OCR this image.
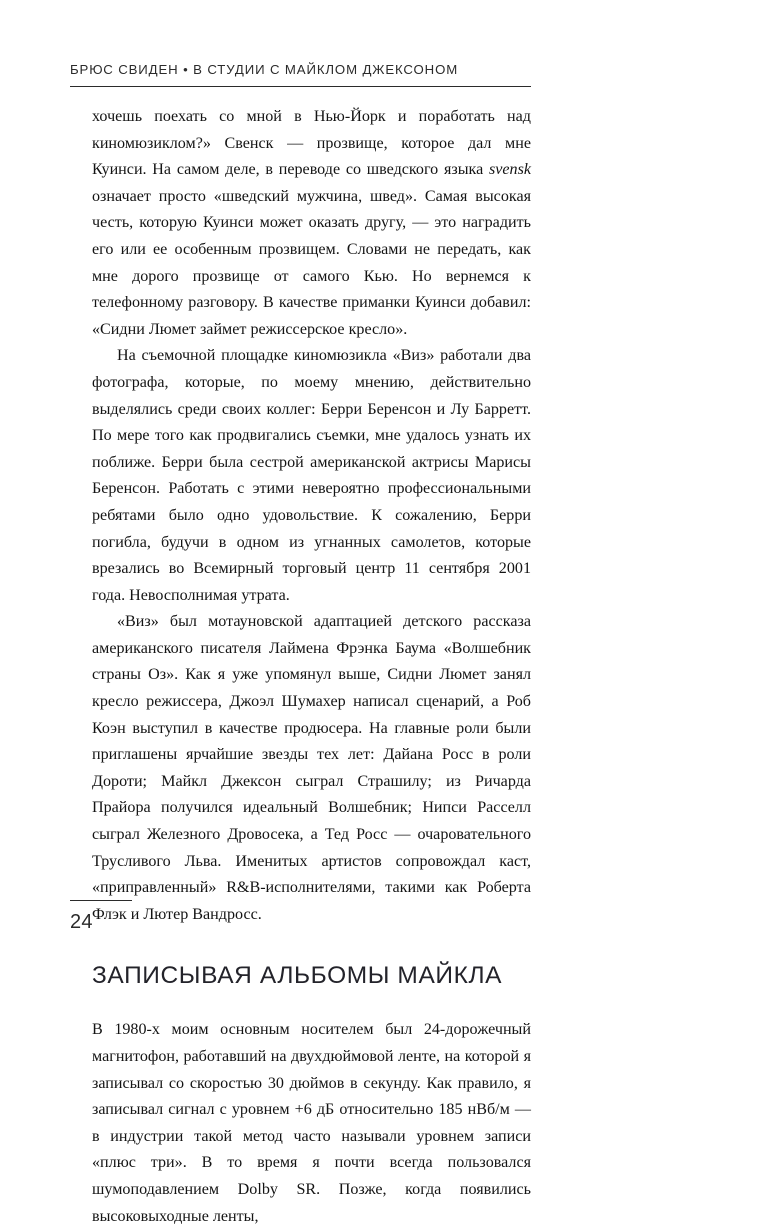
БРЮС СВИДЕН • В СТУДИИ С МАЙКЛОМ ДЖЕКСОНОМ

хочешь поехать со мной в Нью-Йорк и поработать над киномюзиклом?» Свенск — прозвище, которое дал мне Куинси. На самом деле, в переводе со шведского языка svensk означает просто «шведский мужчина, швед». Самая высокая честь, которую Куинси может оказать другу, — это наградить его или ее особенным прозвищем. Словами не передать, как мне дорого прозвище от самого Кью. Но вернемся к телефонному разговору. В качестве приманки Куинси добавил: «Сидни Люмет займет режиссерское кресло».

На съемочной площадке киномюзикла «Виз» работали два фотографа, которые, по моему мнению, действительно выделялись среди своих коллег: Берри Беренсон и Лу Барретт. По мере того как продвигались съемки, мне удалось узнать их поближе. Берри была сестрой американской актрисы Марисы Беренсон. Работать с этими невероятно профессиональными ребятами было одно удовольствие. К сожалению, Берри погибла, будучи в одном из угнанных самолетов, которые врезались во Всемирный торговый центр 11 сентября 2001 года. Невосполнимая утрата.

«Виз» был мотауновской адаптацией детского рассказа американского писателя Лаймена Фрэнка Баума «Волшебник страны Оз». Как я уже упомянул выше, Сидни Люмет занял кресло режиссера, Джоэл Шумахер написал сценарий, а Роб Коэн выступил в качестве продюсера. На главные роли были приглашены ярчайшие звезды тех лет: Дайана Росс в роли Дороти; Майкл Джексон сыграл Страшилу; из Ричарда Прайора получился идеальный Волшебник; Нипси Расселл сыграл Железного Дровосека, а Тед Росс — очаровательного Трусливого Льва. Именитых артистов сопровождал каст, «приправленный» R&B-исполнителями, такими как Роберта Флэк и Лютер Вандросс.

ЗАПИСЫВАЯ АЛЬБОМЫ МАЙКЛА

В 1980-х моим основным носителем был 24-дорожечный магнитофон, работавший на двухдюймовой ленте, на которой я записывал со скоростью 30 дюймов в секунду. Как правило, я записывал сигнал с уровнем +6 дБ относительно 185 нВб/м — в индустрии такой метод часто называли уровнем записи «плюс три». В то время я почти всегда пользовался шумоподавлением Dolby SR. Позже, когда появились высоковыходные ленты,

24
